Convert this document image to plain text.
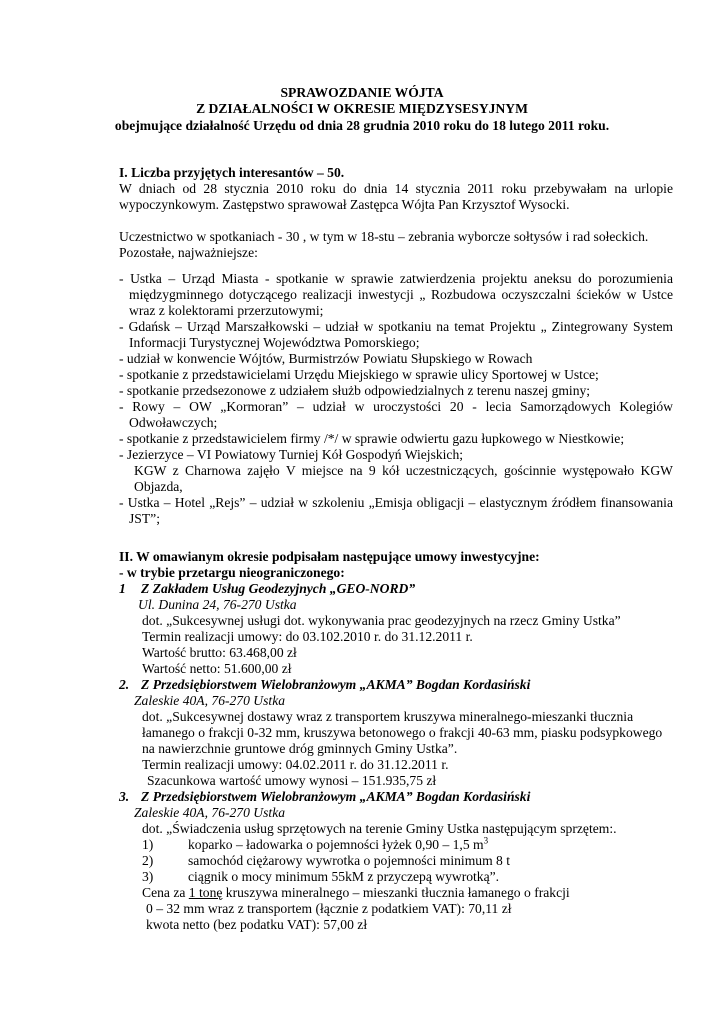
SPRAWOZDANIE WÓJTA
Z DZIAŁALNOŚCI W OKRESIE MIĘDZYSESYJNYM
obejmujące działalność Urzędu od dnia 28 grudnia 2010 roku do 18 lutego 2011 roku.
I. Liczba przyjętych interesantów – 50.
W dniach od 28 stycznia 2010 roku do dnia 14 stycznia 2011 roku przebywałam na urlopie
wypoczynkowym. Zastępstwo sprawował Zastępca Wójta Pan Krzysztof Wysocki.
Uczestnictwo w spotkaniach - 30 , w tym w 18-stu – zebrania wyborcze sołtysów i rad sołeckich.
Pozostałe, najważniejsze:
- Ustka – Urząd Miasta - spotkanie w sprawie zatwierdzenia projektu aneksu do porozumienia
międzygminnego dotyczącego realizacji inwestycji „ Rozbudowa oczyszczalni ścieków w Ustce
wraz z kolektorami przerzutowymi;
- Gdańsk – Urząd Marszałkowski – udział w spotkaniu na temat Projektu „ Zintegrowany System
Informacji Turystycznej Województwa Pomorskiego;
- udział w konwencie Wójtów, Burmistrzów Powiatu Słupskiego w Rowach
- spotkanie z przedstawicielami Urzędu Miejskiego w sprawie ulicy Sportowej w Ustce;
- spotkanie przedsezonowe z udziałem służb odpowiedzialnych z terenu naszej gminy;
- Rowy – OW „Kormoran” – udział w uroczystości 20 - lecia Samorządowych Kolegiów
Odwoławczych;
- spotkanie z przedstawicielem firmy /*/ w sprawie odwiertu gazu łupkowego w Niestkowie;
- Jezierzyce – VI Powiatowy Turniej Kół Gospodyń Wiejskich;
KGW z Charnowa zajęło V miejsce na 9 kół uczestniczących, gościnnie występowało KGW
Objazda,
- Ustka – Hotel „Rejs” – udział w szkoleniu „Emisja obligacji – elastycznym źródłem finansowania
JST”;
II. W omawianym okresie podpisałam następujące umowy inwestycyjne:
- w trybie przetargu nieograniczonego:
1 Z Zakładem Usług Geodezyjnych „GEO-NORD”
Ul. Dunina 24, 76-270 Ustka
dot. „Sukcesywnej usługi dot. wykonywania prac geodezyjnych na rzecz Gminy Ustka”
Termin realizacji umowy: do 03.102.2010 r. do 31.12.2011 r.
Wartość brutto: 63.468,00 zł
Wartość netto: 51.600,00 zł
2. Z Przedsiębiorstwem Wielobranżowym „AKMA” Bogdan Kordasiński
Zaleskie 40A, 76-270 Ustka
dot. „Sukcesywnej dostawy wraz z transportem kruszywa mineralnego-mieszanki tłucznia
łamanego o frakcji 0-32 mm, kruszywa betonowego o frakcji 40-63 mm, piasku podsypkowego
na nawierzchnie gruntowe dróg gminnych Gminy Ustka”.
Termin realizacji umowy: 04.02.2011 r. do 31.12.2011 r.
Szacunkowa wartość umowy wynosi – 151.935,75 zł
3. Z Przedsiębiorstwem Wielobranżowym „AKMA” Bogdan Kordasiński
Zaleskie 40A, 76-270 Ustka
dot. „Świadczenia usług sprzętowych na terenie Gminy Ustka następującym sprzętem:.
1)	koparko – ładowarka o pojemności łyżek 0,90 – 1,5 $m^3$
2)	samochód ciężarowy wywrotka o pojemności minimum 8 t
3)	ciągnik o mocy minimum 55kM z przyczepą wywrotką”.
Cena za 1 tonę kruszywa mineralnego – mieszanki tłucznia łamanego o frakcji
0 – 32 mm wraz z transportem (łącznie z podatkiem VAT): 70,11 zł
kwota netto (bez podatku VAT): 57,00 zł
